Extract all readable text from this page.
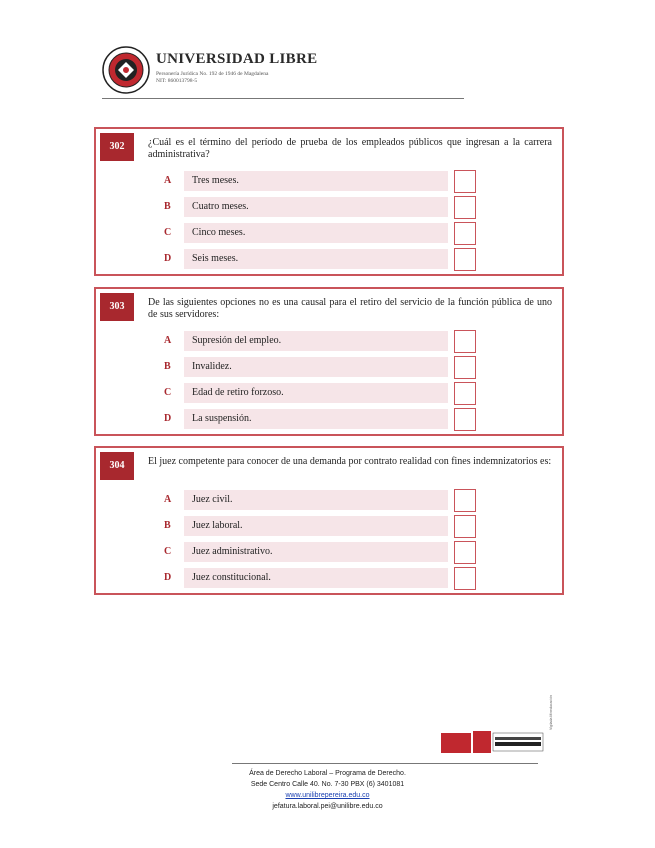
UNIVERSIDAD LIBRE
Personería Jurídica No. 192 de 1946 de Magdalena
NIT: 860013798-5
302	¿Cuál es el término del período de prueba de los empleados públicos que ingresan a la carrera administrativa?
A	Tres meses.
B	Cuatro meses.
C	Cinco meses.
D	Seis meses.
303	De las siguientes opciones no es una causal para el retiro del servicio de la función pública de uno de sus servidores:
A	Supresión del empleo.
B	Invalidez.
C	Edad de retiro forzoso.
D	La suspensión.
304	El juez competente para conocer de una demanda por contrato realidad con fines indemnizatorios es:
A	Juez civil.
B	Juez laboral.
C	Juez administrativo.
D	Juez constitucional.
Vigilada Mineducación
Área de Derecho Laboral – Programa de Derecho.
Sede Centro Calle 40. No. 7-30 PBX (6) 3401081
www.unilibrepereira.edu.co
jefatura.laboral.pei@unilibre.edu.co
